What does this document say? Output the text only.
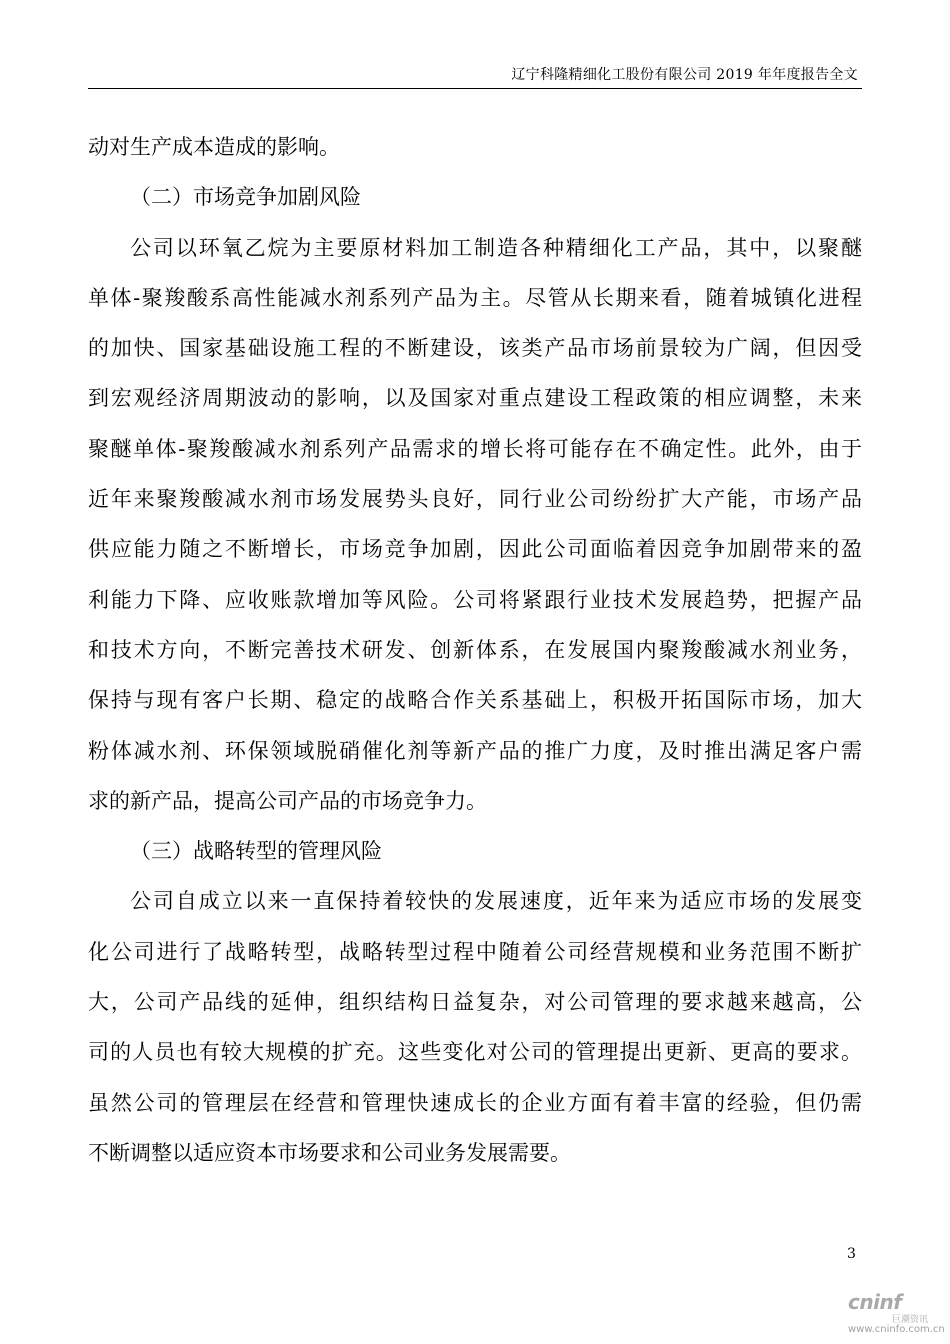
辽宁科隆精细化工股份有限公司 2019 年年度报告全文
动对生产成本造成的影响。
（二）市场竞争加剧风险
公司以环氧乙烷为主要原材料加工制造各种精细化工产品，其中，以聚醚
单体-聚羧酸系高性能减水剂系列产品为主。尽管从长期来看，随着城镇化进程
的加快、国家基础设施工程的不断建设，该类产品市场前景较为广阔，但因受
到宏观经济周期波动的影响，以及国家对重点建设工程政策的相应调整，未来
聚醚单体-聚羧酸减水剂系列产品需求的增长将可能存在不确定性。此外，由于
近年来聚羧酸减水剂市场发展势头良好，同行业公司纷纷扩大产能，市场产品
供应能力随之不断增长，市场竞争加剧，因此公司面临着因竞争加剧带来的盈
利能力下降、应收账款增加等风险。公司将紧跟行业技术发展趋势，把握产品
和技术方向，不断完善技术研发、创新体系，在发展国内聚羧酸减水剂业务，
保持与现有客户长期、稳定的战略合作关系基础上，积极开拓国际市场，加大
粉体减水剂、环保领域脱硝催化剂等新产品的推广力度，及时推出满足客户需
求的新产品，提高公司产品的市场竞争力。
（三）战略转型的管理风险
公司自成立以来一直保持着较快的发展速度，近年来为适应市场的发展变
化公司进行了战略转型，战略转型过程中随着公司经营规模和业务范围不断扩
大，公司产品线的延伸，组织结构日益复杂，对公司管理的要求越来越高，公
司的人员也有较大规模的扩充。这些变化对公司的管理提出更新、更高的要求。
虽然公司的管理层在经营和管理快速成长的企业方面有着丰富的经验，但仍需
不断调整以适应资本市场要求和公司业务发展需要。
3
cninf
巨潮资讯
www.cninfo.com.cn
